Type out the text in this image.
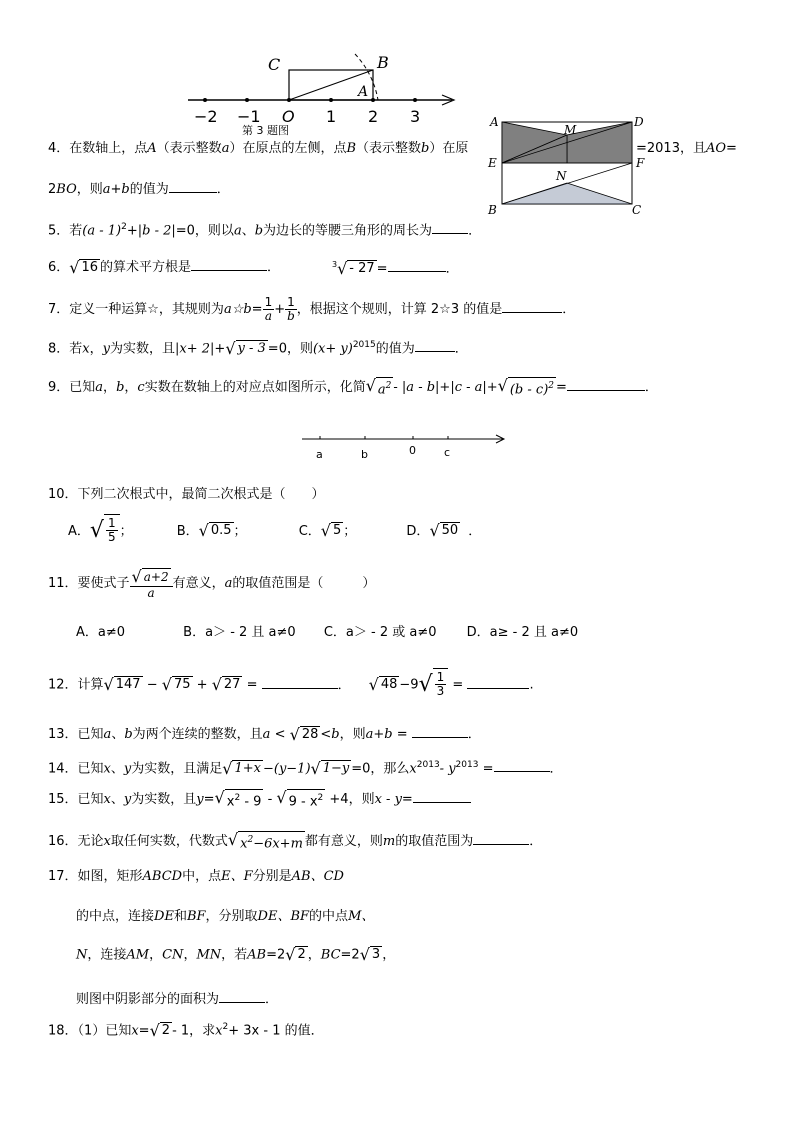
−2 −1 O 1 2 3
C	B
A
第 3 题图
A	D
M
E	F
N
B	C
4．在数轴上，点A（表示整数a）在原点的左侧，点B（表示整数b）在原	=2013，且AO=
2BO，则a+b的值为	．
5．若(a - 1)$^2$+|b - 2|=0，则以a、b为边长的等腰三角形的周长为	．
6． √ 16 的算术平方根是	．	$^3$ √ - 27 =	．
7．定义一种运算☆，其规则为a☆b= $\frac{1}{a} + \frac{1}{b}$ ，根据这个规则，计算 2☆3 的值是	．
8．若x，y为实数，且|x+ 2|+ √ y - 3 =0，则$(x+ y)^{2015}$的值为	．
9．已知a，b，c实数在数轴上的对应点如图所示，化简 √ $a^2 - |a - b|+|c - a|+$ √ (b - c)$^2$ =	．
a	b	0	c
10．下列二次根式中，最简二次根式是（　　）
A． √ $\frac{1}{5}$ ；	B． √ 0.5 ；	C． √ 5 ；	D． √ 50 ．
11．要使式子 $\frac{√ a+2}{a}$ 有意义，a的取值范围是（　　　）
A．a≠0	B．a＞ - 2 且 a≠0 C．a＞ - 2 或 a≠0 D．a≥ - 2 且 a≠0
12．计算 √ 147 − √ 75 + √ 27 =	． √ 48 −9 √ $\frac{1}{3}$ =	.
13．已知a、b为两个连续的整数，且a < √ 28 <b，则a+b =	．
14．已知x、y为实数，且满足 √ 1+x −(y−1) √ 1−y =0，那么$x^{2013}-$ $y^{2013}$ =	．
15．已知x、y为实数，且y= √ $x^2 - 9$ - √ $9 - x^2 +4$，则x - y=
16．无论x取任何实数，代数式 √ $x^2-6x+m$ 都有意义，则m的取值范围为	．
17．如图，矩形ABCD中，点E、F分别是AB、CD
的中点，连接DE和BF，分别取DE、BF的中点M、
N，连接AM，CN，MN，若AB=2 √ 2 ，BC=2 √ 3 ，
则图中阴影部分的面积为	．
18．（1）已知x= √ 2 - 1，求$x^2+ 3x - 1$ 的值．
